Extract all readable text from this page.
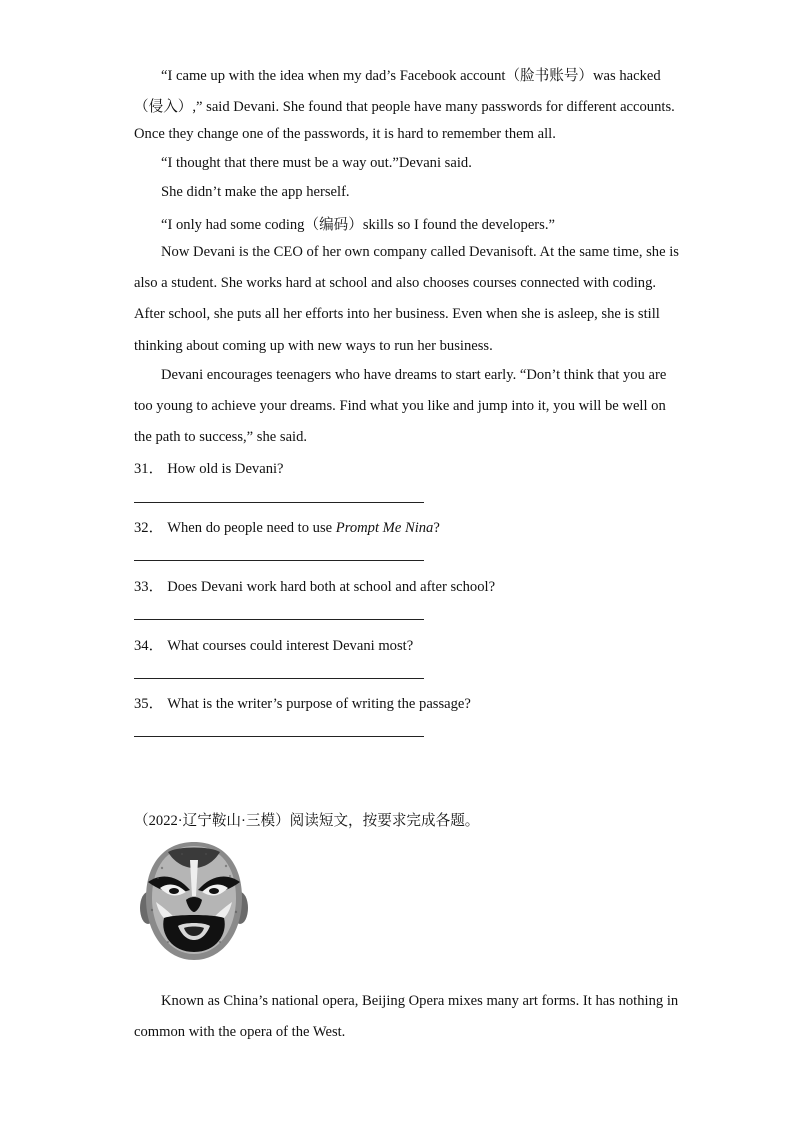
“I came up with the idea when my dad’s Facebook account（脸书账号）was hacked
（侵入）,” said Devani. She found that people have many passwords for different accounts.
Once they change one of the passwords, it is hard to remember them all.
“I thought that there must be a way out.”Devani said.
She didn’t make the app herself.
“I only had some coding（编码）skills so I found the developers.”
Now Devani is the CEO of her own company called Devanisoft. At the same time, she is
also a student. She works hard at school and also chooses courses connected with coding.
After school, she puts all her efforts into her business. Even when she is asleep, she is still
thinking about coming up with new ways to run her business.
Devani encourages teenagers who have dreams to start early. “Don’t think that you are
too young to achieve your dreams. Find what you like and jump into it, you will be well on
the path to success,” she said.
31． How old is Devani?
32． When do people need to use Prompt Me Nina?
33． Does Devani work hard both at school and after school?
34． What courses could interest Devani most?
35． What is the writer’s purpose of writing the passage?
（2022·辽宁鞍山·三模）阅读短文，按要求完成各题。
Known as China’s national opera, Beijing Opera mixes many art forms. It has nothing in
common with the opera of the West.
